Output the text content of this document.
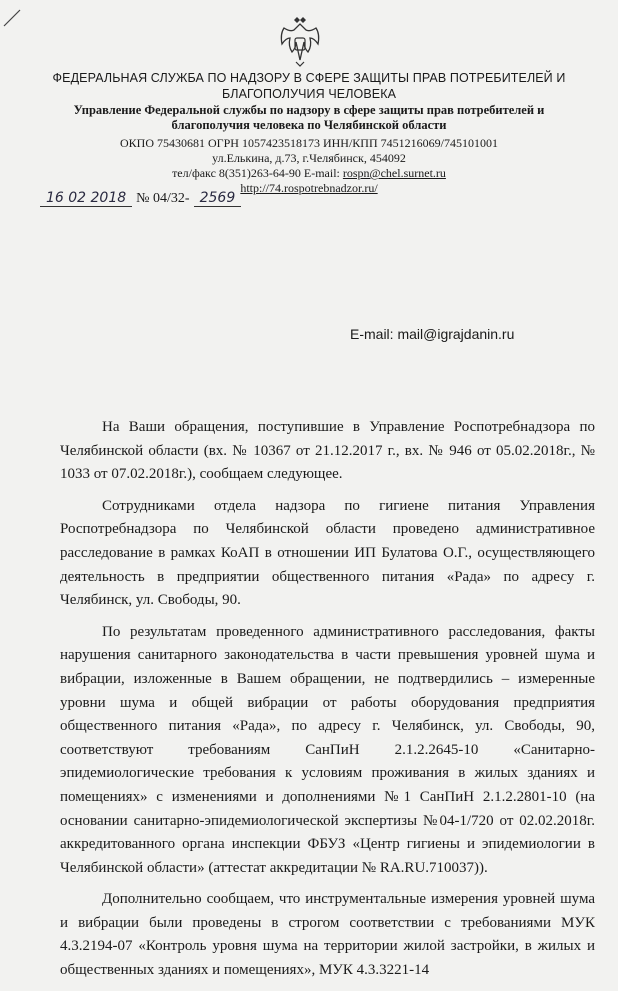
ФЕДЕРАЛЬНАЯ СЛУЖБА ПО НАДЗОРУ В СФЕРЕ ЗАЩИТЫ ПРАВ ПОТРЕБИТЕЛЕЙ И БЛАГОПОЛУЧИЯ ЧЕЛОВЕКА
Управление Федеральной службы по надзору в сфере защиты прав потребителей и благополучия человека по Челябинской области
ОКПО 75430681 ОГРН 1057423518173 ИНН/КПП 7451216069/745101001
ул.Елькина, д.73, г.Челябинск, 454092
тел/факс 8(351)263-64-90 E-mail: rospn@chel.surnet.ru
http://74.rospotrebnadzor.ru/
16 02 2018 № 04/32- 2569
E-mail: mail@igrajdanin.ru

На Ваши обращения, поступившие в Управление Роспотребнадзора по Челябинской области (вх. № 10367 от 21.12.2017 г., вх. № 946 от 05.02.2018г., № 1033 от 07.02.2018г.), сообщаем следующее.

Сотрудниками отдела надзора по гигиене питания Управления Роспотребнадзора по Челябинской области проведено административное расследование в рамках КоАП в отношении ИП Булатова О.Г., осуществляющего деятельность в предприятии общественного питания «Рада» по адресу г. Челябинск, ул. Свободы, 90.

По результатам проведенного административного расследования, факты нарушения санитарного законодательства в части превышения уровней шума и вибрации, изложенные в Вашем обращении, не подтвердились – измеренные уровни шума и общей вибрации от работы оборудования предприятия общественного питания «Рада», по адресу г. Челябинск, ул. Свободы, 90, соответствуют требованиям СанПиН 2.1.2.2645-10 «Санитарно-эпидемиологические требования к условиям проживания в жилых зданиях и помещениях» с изменениями и дополнениями №1 СанПиН 2.1.2.2801-10 (на основании санитарно-эпидемиологической экспертизы №04-1/720 от 02.02.2018г. аккредитованного органа инспекции ФБУЗ «Центр гигиены и эпидемиологии в Челябинской области» (аттестат аккредитации № RA.RU.710037)).

Дополнительно сообщаем, что инструментальные измерения уровней шума и вибрации были проведены в строгом соответствии с требованиями МУК 4.3.2194-07 «Контроль уровня шума на территории жилой застройки, в жилых и общественных зданиях и помещениях», МУК 4.3.3221-14
